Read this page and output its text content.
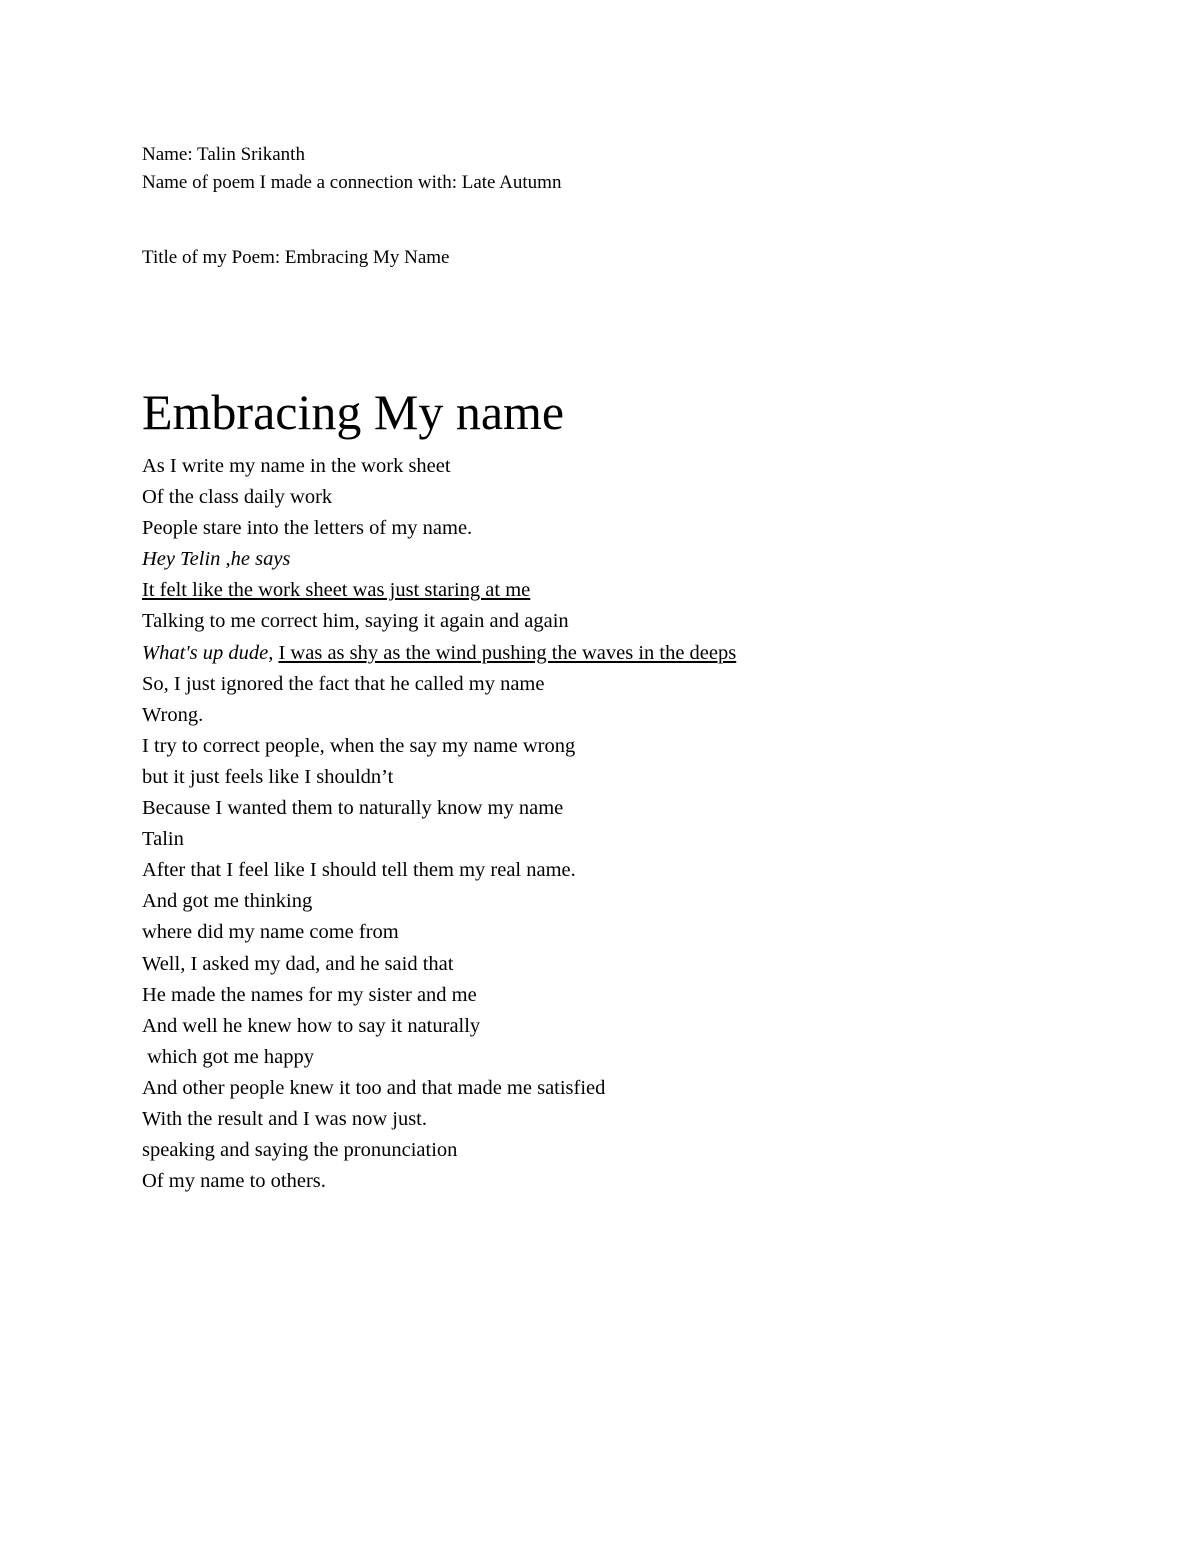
Name: Talin Srikanth
Name of poem I made a connection with: Late Autumn
Title of my Poem: Embracing My Name
Embracing My name
As I write my name in the work sheet
Of the class daily work
People stare into the letters of my name.
Hey Telin ,he says
It felt like the work sheet was just staring at me
Talking to me correct him, saying it again and again
What's up dude, I was as shy as the wind pushing the waves in the deeps
So, I just ignored the fact that he called my name
Wrong.
I try to correct people, when the say my name wrong
but it just feels like I shouldn’t
Because I wanted them to naturally know my name
Talin
After that I feel like I should tell them my real name.
And got me thinking
where did my name come from
Well, I asked my dad, and he said that
He made the names for my sister and me
And well he knew how to say it naturally
which got me happy
And other people knew it too and that made me satisfied
With the result and I was now just.
speaking and saying the pronunciation
Of my name to others.
